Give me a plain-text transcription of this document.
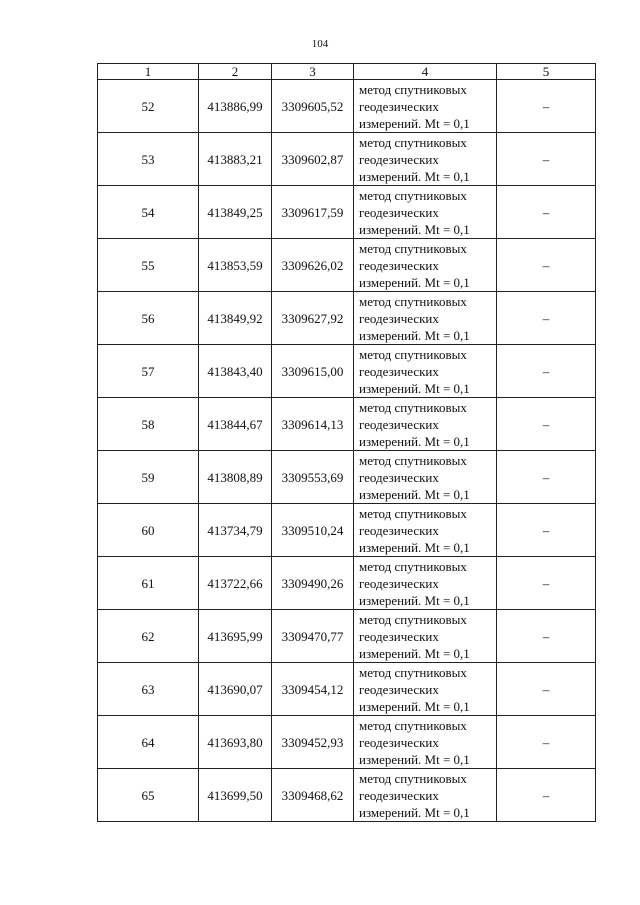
104
1	2	3	4	5
52	413886,99	3309605,52	метод спутниковых
геодезических
измерений. Mt = 0,1	–
53	413883,21	3309602,87	метод спутниковых
геодезических
измерений. Mt = 0,1	–
54	413849,25	3309617,59	метод спутниковых
геодезических
измерений. Mt = 0,1	–
55	413853,59	3309626,02	метод спутниковых
геодезических
измерений. Mt = 0,1	–
56	413849,92	3309627,92	метод спутниковых
геодезических
измерений. Mt = 0,1	–
57	413843,40	3309615,00	метод спутниковых
геодезических
измерений. Mt = 0,1	–
58	413844,67	3309614,13	метод спутниковых
геодезических
измерений. Mt = 0,1	–
59	413808,89	3309553,69	метод спутниковых
геодезических
измерений. Mt = 0,1	–
60	413734,79	3309510,24	метод спутниковых
геодезических
измерений. Mt = 0,1	–
61	413722,66	3309490,26	метод спутниковых
геодезических
измерений. Mt = 0,1	–
62	413695,99	3309470,77	метод спутниковых
геодезических
измерений. Mt = 0,1	–
63	413690,07	3309454,12	метод спутниковых
геодезических
измерений. Mt = 0,1	–
64	413693,80	3309452,93	метод спутниковых
геодезических
измерений. Mt = 0,1	–
65	413699,50	3309468,62	метод спутниковых
геодезических
измерений. Mt = 0,1	–
